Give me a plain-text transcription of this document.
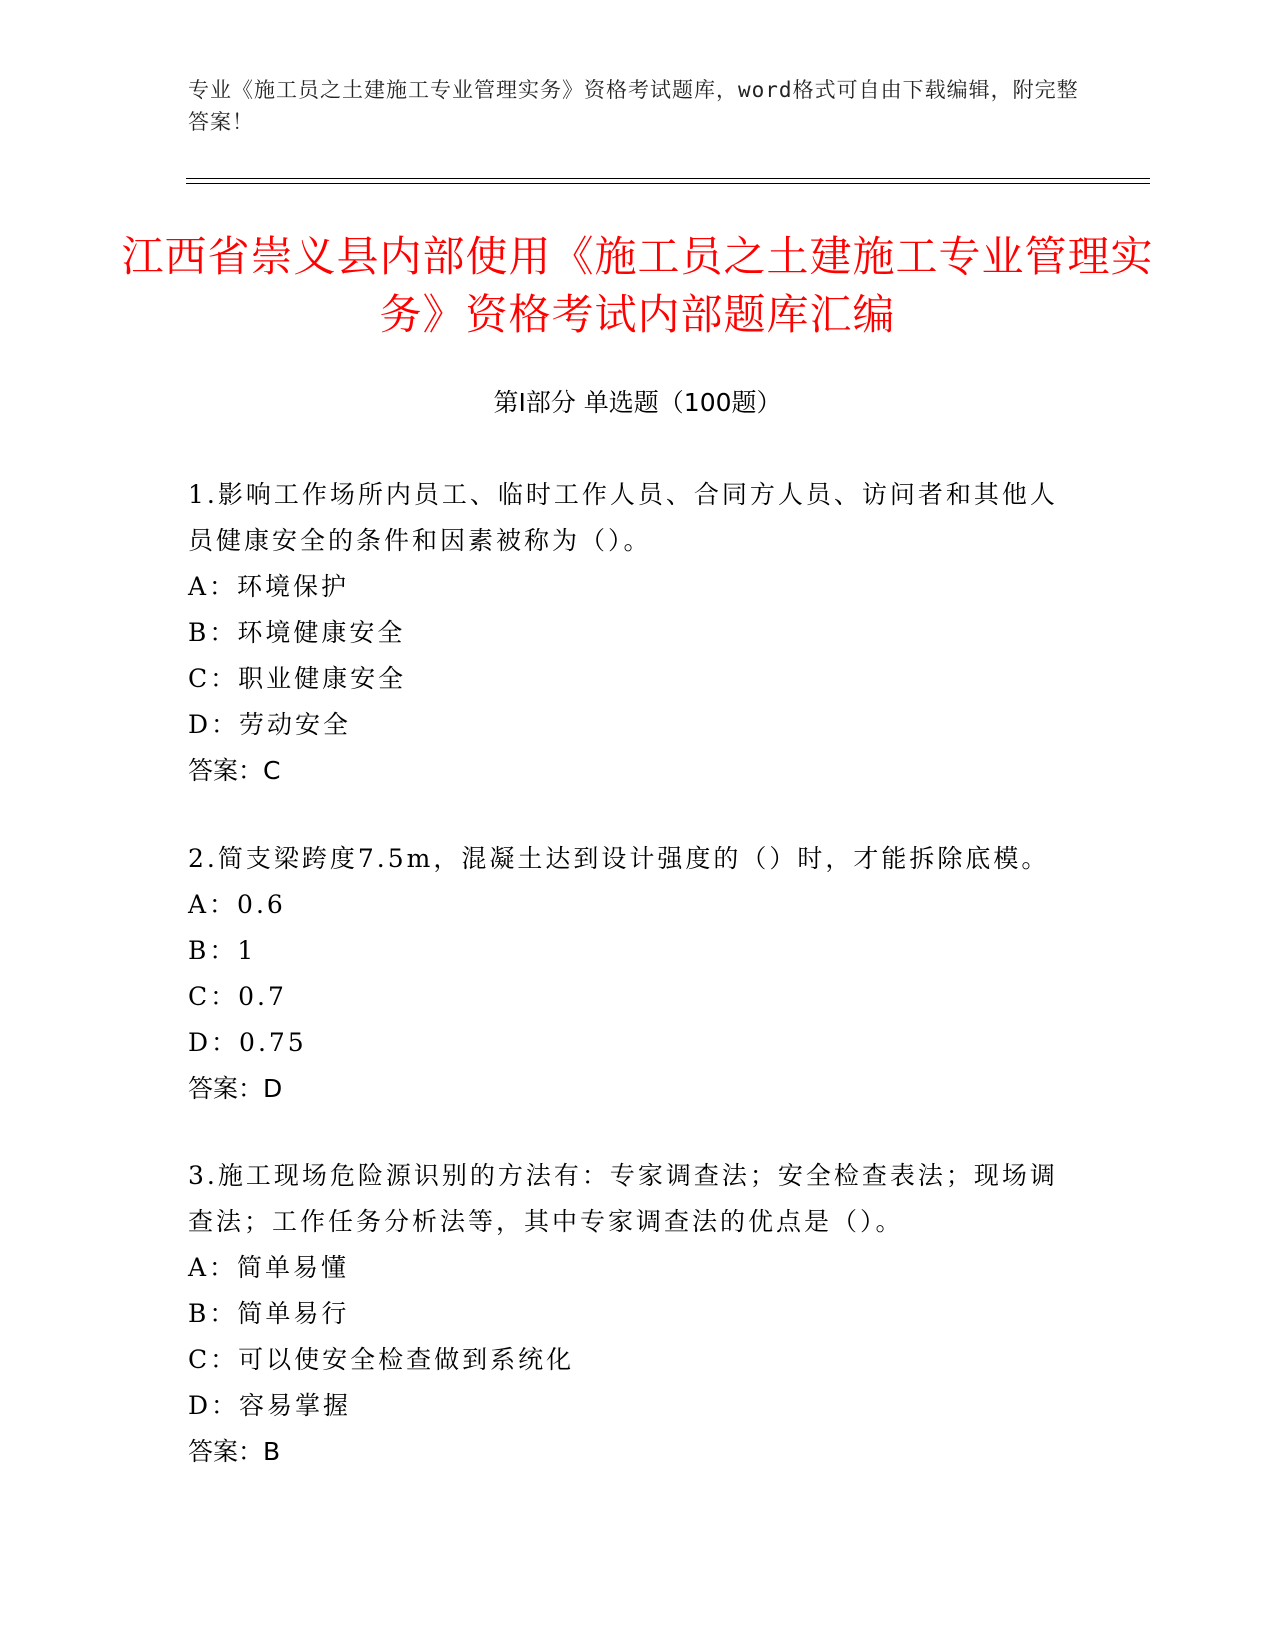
专业《施工员之土建施工专业管理实务》资格考试题库，word格式可自由下载编辑，附完整答案！
江西省崇义县内部使用《施工员之土建施工专业管理实务》资格考试内部题库汇编
第Ⅰ部分 单选题（100题）
1.影响工作场所内员工、临时工作人员、合同方人员、访问者和其他人员健康安全的条件和因素被称为（）。
A：环境保护
B：环境健康安全
C：职业健康安全
D：劳动安全
答案：C
2.简支梁跨度7.5m，混凝土达到设计强度的（）时，才能拆除底模。
A：0.6
B：1
C：0.7
D：0.75
答案：D
3.施工现场危险源识别的方法有：专家调查法；安全检查表法；现场调查法；工作任务分析法等，其中专家调查法的优点是（）。
A：简单易懂
B：简单易行
C：可以使安全检查做到系统化
D：容易掌握
答案：B
